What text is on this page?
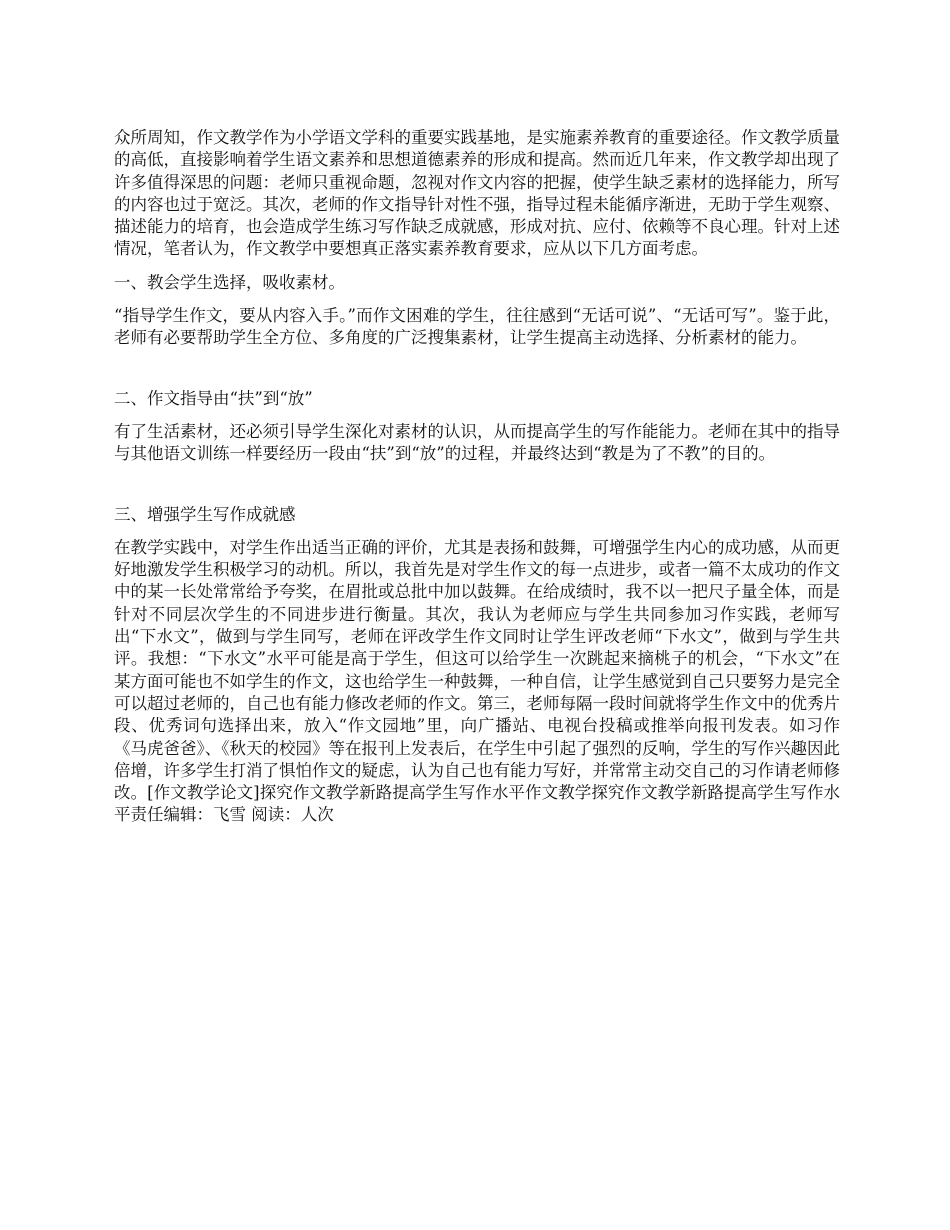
众所周知，作文教学作为小学语文学科的重要实践基地，是实施素养教育的重要途径。作文教学质量的高低，直接影响着学生语文素养和思想道德素养的形成和提高。然而近几年来，作文教学却出现了许多值得深思的问题：老师只重视命题，忽视对作文内容的把握，使学生缺乏素材的选择能力，所写的内容也过于宽泛。其次，老师的作文指导针对性不强，指导过程未能循序渐进，无助于学生观察、描述能力的培育，也会造成学生练习写作缺乏成就感，形成对抗、应付、依赖等不良心理。针对上述情况，笔者认为，作文教学中要想真正落实素养教育要求，应从以下几方面考虑。

一、教会学生选择，吸收素材。

“指导学生作文，要从内容入手。”而作文困难的学生，往往感到“无话可说”、“无话可写”。鉴于此，老师有必要帮助学生全方位、多角度的广泛搜集素材，让学生提高主动选择、分析素材的能力。

二、作文指导由“扶”到“放”

有了生活素材，还必须引导学生深化对素材的认识，从而提高学生的写作能能力。老师在其中的指导与其他语文训练一样要经历一段由“扶”到“放”的过程，并最终达到“教是为了不教”的目的。

三、增强学生写作成就感

在教学实践中，对学生作出适当正确的评价，尤其是表扬和鼓舞，可增强学生内心的成功感，从而更好地激发学生积极学习的动机。所以，我首先是对学生作文的每一点进步，或者一篇不太成功的作文中的某一长处常常给予夸奖，在眉批或总批中加以鼓舞。在给成绩时，我不以一把尺子量全体，而是针对不同层次学生的不同进步进行衡量。其次，我认为老师应与学生共同参加习作实践，老师写出“下水文”，做到与学生同写，老师在评改学生作文同时让学生评改老师“下水文”，做到与学生共评。我想：“下水文”水平可能是高于学生，但这可以给学生一次跳起来摘桃子的机会，“下水文”在某方面可能也不如学生的作文，这也给学生一种鼓舞，一种自信，让学生感觉到自己只要努力是完全可以超过老师的，自己也有能力修改老师的作文。第三，老师每隔一段时间就将学生作文中的优秀片段、优秀词句选择出来，放入“作文园地”里，向广播站、电视台投稿或推举向报刊发表。如习作《马虎爸爸》、《秋天的校园》等在报刊上发表后，在学生中引起了强烈的反响，学生的写作兴趣因此倍增，许多学生打消了惧怕作文的疑虑，认为自己也有能力写好，并常常主动交自己的习作请老师修改。[作文教学论文]探究作文教学新路提高学生写作水平作文教学探究作文教学新路提高学生写作水平责任编辑：飞雪 阅读：人次
